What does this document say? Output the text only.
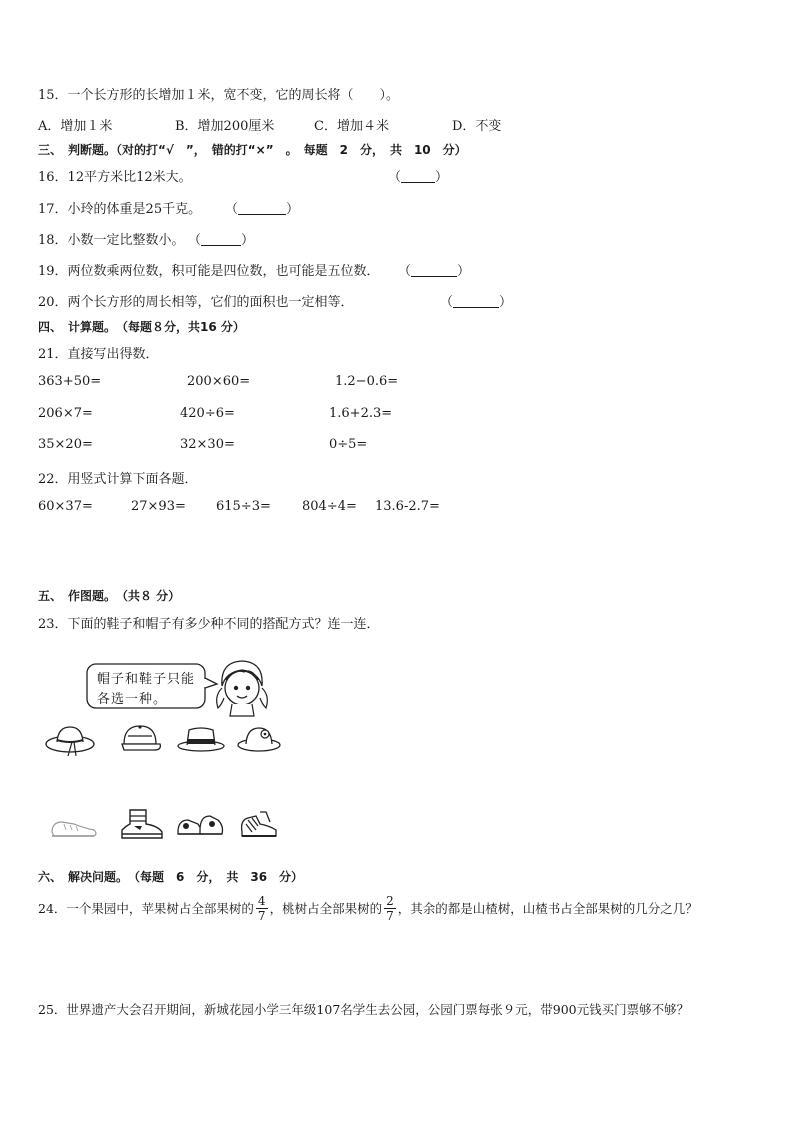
15．一个长方形的长增加１米，宽不变，它的周长将（　　）。
A．增加１米	B．增加200厘米	C．增加４米	D．不变
三、　判断题。（对的打“√　”，　错的打“×”　。　每题　2　分，　共　10　分）
16．12平方米比12米大。	（	）
17．小玲的体重是25千克。 （	）
18．小数一定比整数小。 （	）
19．两位数乘两位数，积可能是四位数，也可能是五位数． （	）
20．两个长方形的周长相等，它们的面积也一定相等．	（	）
四、　计算题。　（每题８分，共16 分）
21．直接写出得数．
363+50=	200×60=	1.2−0.6=
206×7=	420÷6=	1.6+2.3=
35×20=	32×30=	0÷5=
22．用竖式计算下面各题．
60×37=	27×93= 615÷3= 804÷4= 13.6-2.7=
五、　作图题。　（共８ 分）
23．下面的鞋子和帽子有多少种不同的搭配方式？连一连．
帽子和鞋子只能
各选一种。
六、　解决问题。　（每题　6　分，　共　36　分）
24．一个果园中，苹果树占全部果树的 $\frac{4}{7}$ ，桃树占全部果树的 $\frac{2}{7}$ ，其余的都是山楂树，山楂书占全部果树的几分之几？
25．世界遗产大会召开期间，新城花园小学三年级107名学生去公园，公园门票每张９元，带900元钱买门票够不够？
